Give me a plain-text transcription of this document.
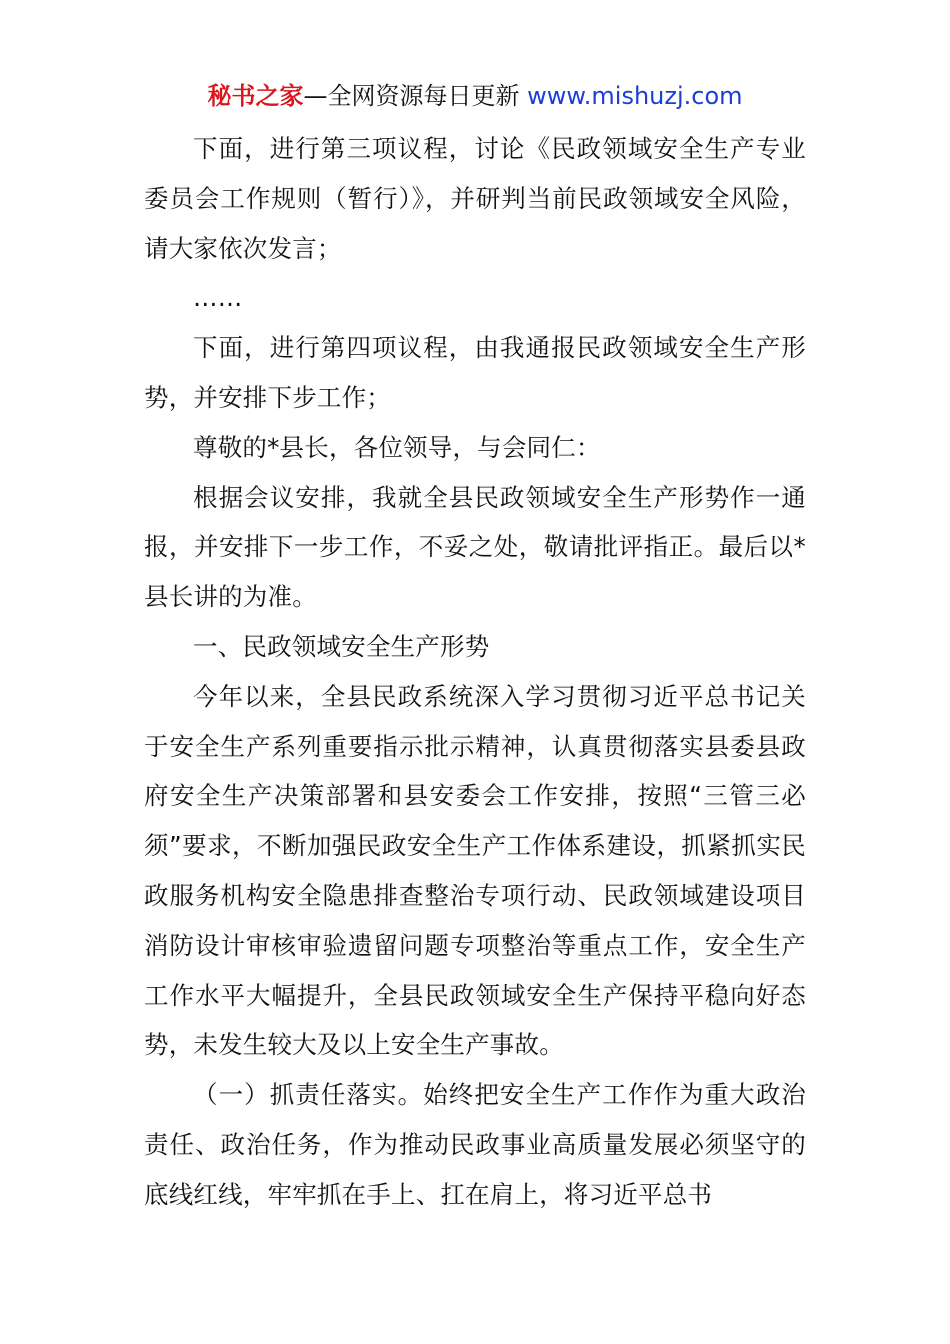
秘书之家—全网资源每日更新 www.mishuzj.com

下面，进行第三项议程，讨论《民政领域安全生产专业委员会工作规则（暂行）》，并研判当前民政领域安全风险，请大家依次发言；

……

下面，进行第四项议程，由我通报民政领域安全生产形势，并安排下步工作；

尊敬的*县长，各位领导，与会同仁：

根据会议安排，我就全县民政领域安全生产形势作一通报，并安排下一步工作，不妥之处，敬请批评指正。最后以*县长讲的为准。

一、民政领域安全生产形势

今年以来，全县民政系统深入学习贯彻习近平总书记关于安全生产系列重要指示批示精神，认真贯彻落实县委县政府安全生产决策部署和县安委会工作安排，按照“三管三必须”要求，不断加强民政安全生产工作体系建设，抓紧抓实民政服务机构安全隐患排查整治专项行动、民政领域建设项目消防设计审核审验遗留问题专项整治等重点工作，安全生产工作水平大幅提升，全县民政领域安全生产保持平稳向好态势，未发生较大及以上安全生产事故。

（一）抓责任落实。始终把安全生产工作作为重大政治责任、政治任务，作为推动民政事业高质量发展必须坚守的底线红线，牢牢抓在手上、扛在肩上，将习近平总书
